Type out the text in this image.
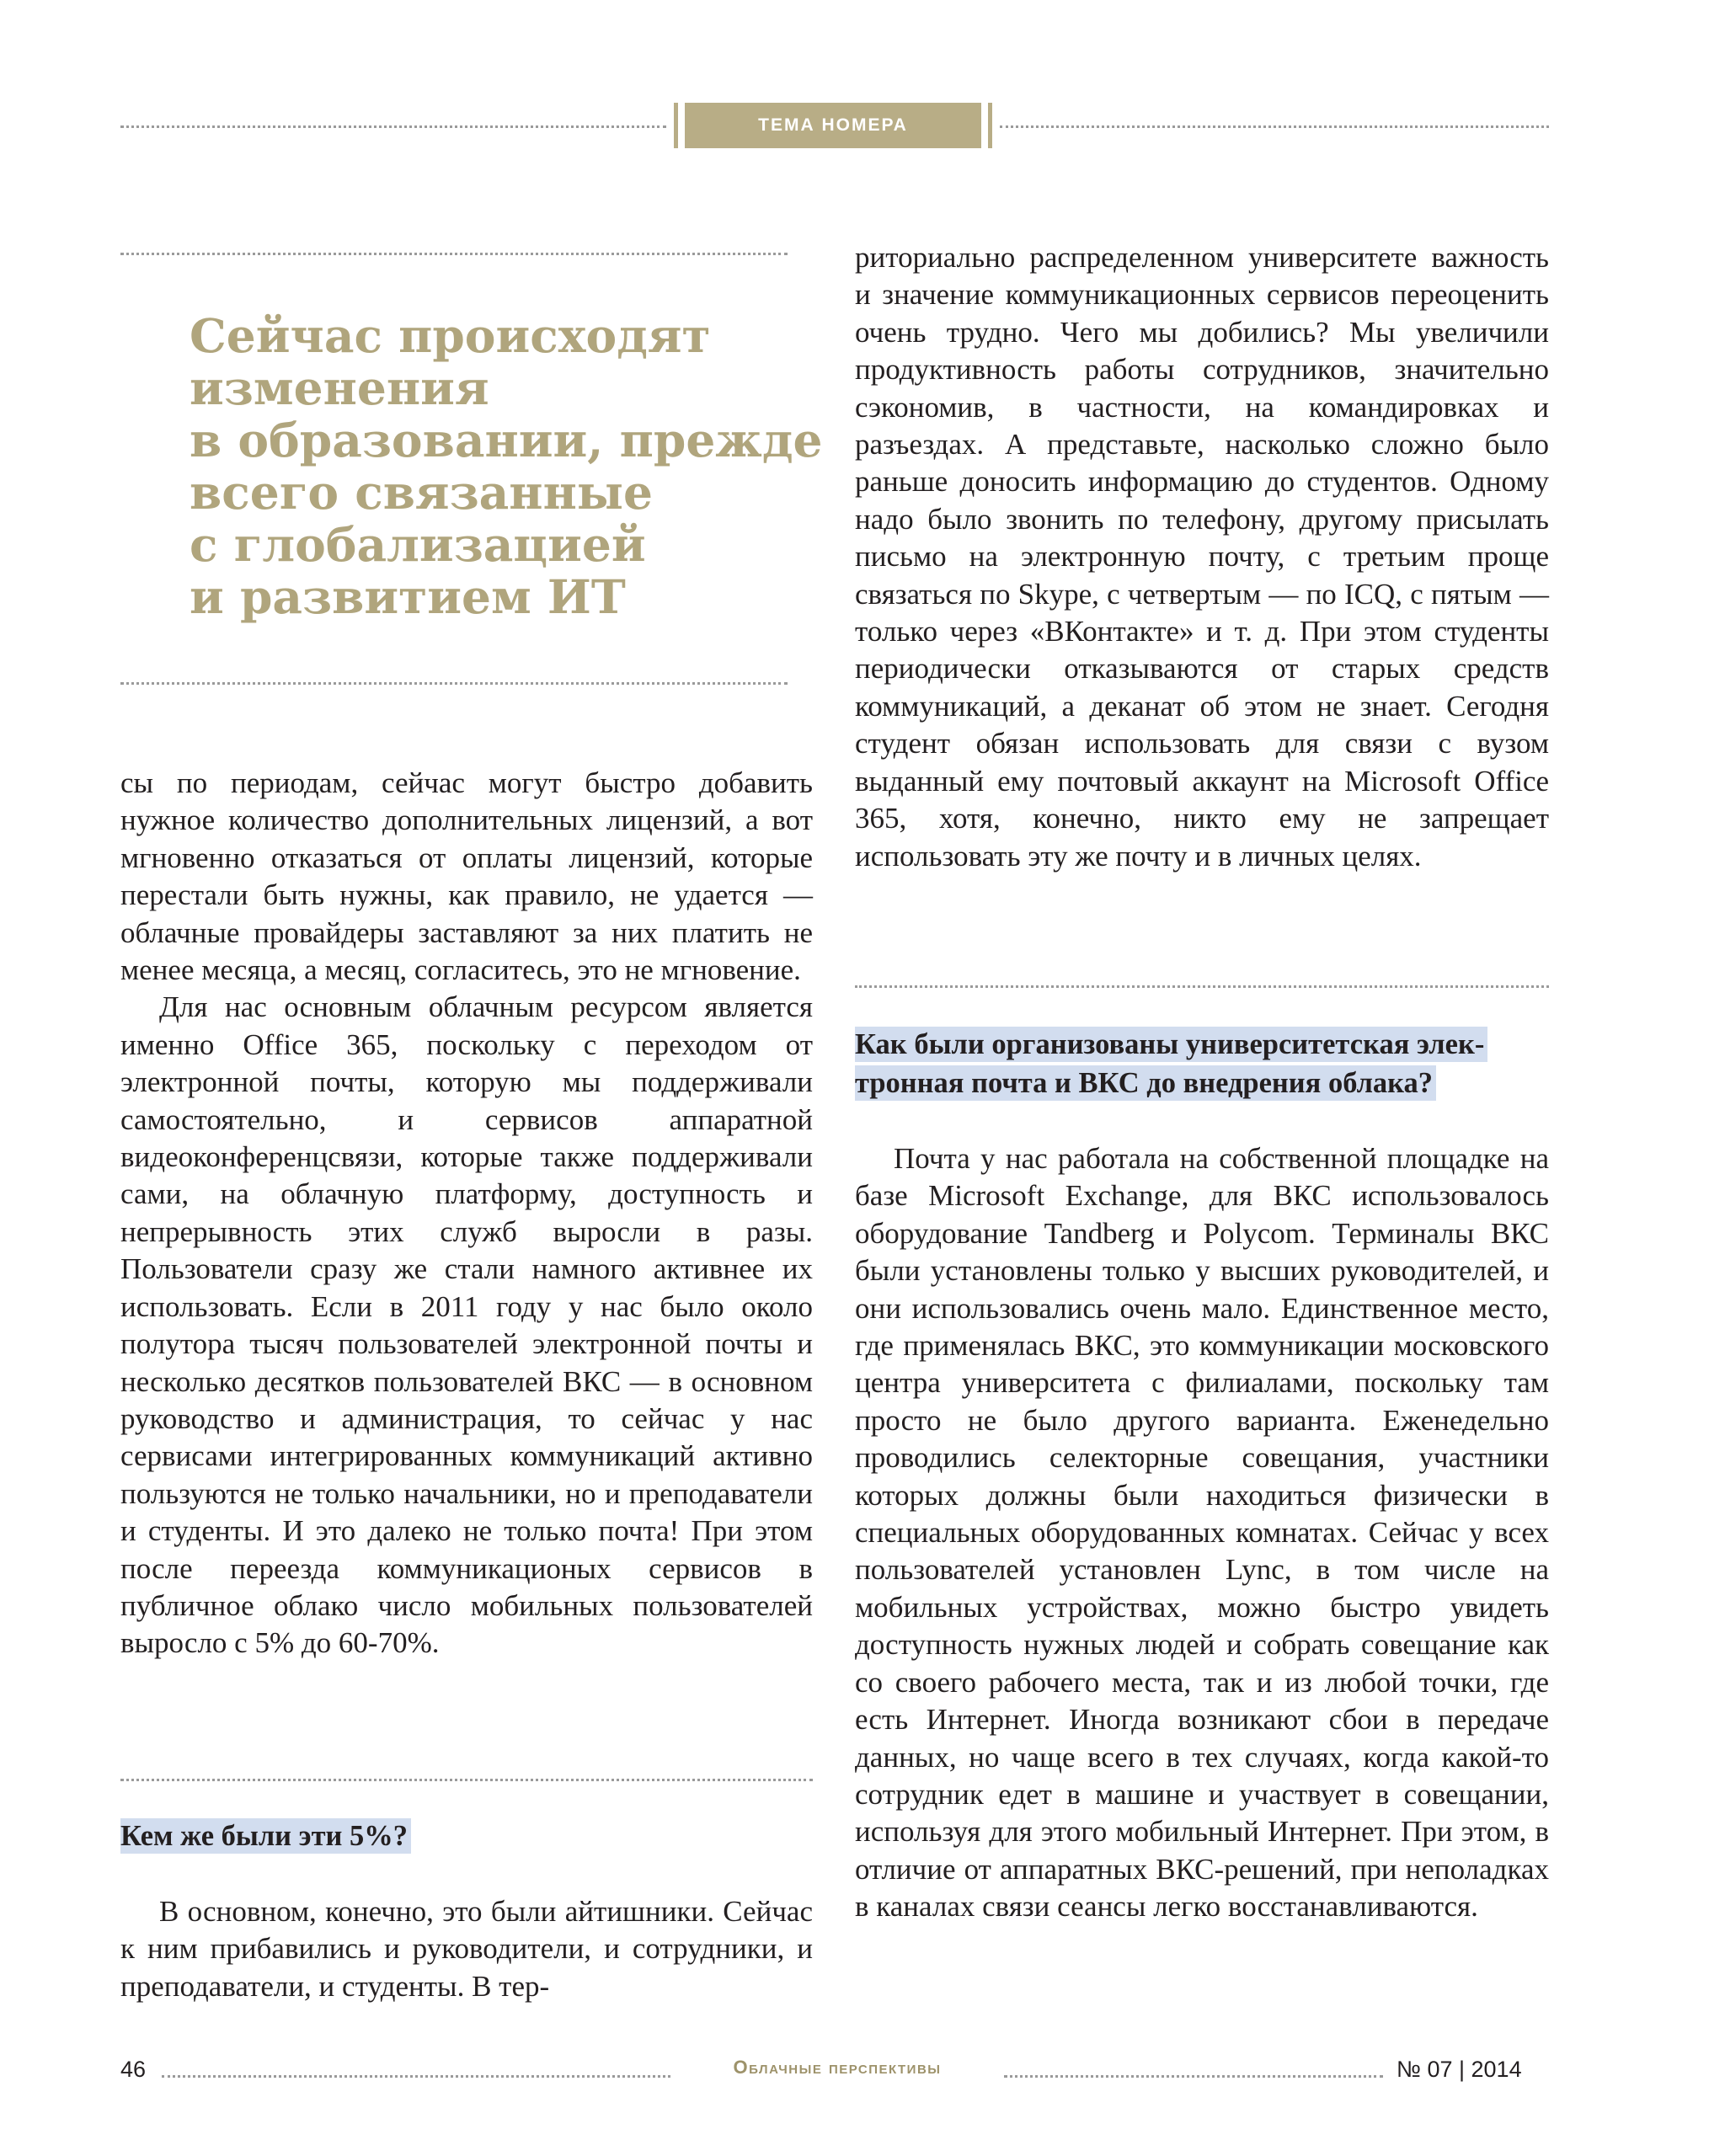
ТЕМА НОМЕРА
Сейчас происходят
изменения
в образовании, прежде
всего связанные
с глобализацией
и развитием ИТ

сы по периодам, сейчас могут быстро добавить нужное количество дополнительных лицензий, а вот мгновенно отказаться от оплаты лицензий, которые перестали быть нужны, как правило, не удается — облачные провайдеры заставляют за них платить не менее месяца, а месяц, согласитесь, это не мгновение.

Для нас основным облачным ресурсом является именно Office 365, поскольку с переходом от электронной почты, которую мы поддерживали самостоятельно, и сервисов аппаратной видеоконференцсвязи, которые также поддерживали сами, на облачную платформу, доступность и непрерывность этих служб выросли в разы. Пользователи сразу же стали намного активнее их использовать. Если в 2011 году у нас было около полутора тысяч пользователей электронной почты и несколько десятков пользователей ВКС — в основном руководство и администрация, то сейчас у нас сервисами интегрированных коммуникаций активно пользуются не только начальники, но и преподаватели и студенты. И это далеко не только почта! При этом после переезда коммуникационых сервисов в публичное облако число мобильных пользователей выросло с 5% до 60-70%.

Кем же были эти 5%?

В основном, конечно, это были айтишники. Сейчас к ним прибавились и руководители, и сотрудники, и преподаватели, и студенты. В тер-

риториально распределенном университете важность и значение коммуникационных сервисов переоценить очень трудно. Чего мы добились? Мы увеличили продуктивность работы сотрудников, значительно сэкономив, в частности, на командировках и разъездах. А представьте, насколько сложно было раньше доносить информацию до студентов. Одному надо было звонить по телефону, другому присылать письмо на электронную почту, с третьим проще связаться по Skype, с четвертым — по ICQ, с пятым — только через «ВКонтакте» и т. д. При этом студенты периодически отказываются от старых средств коммуникаций, а деканат об этом не знает. Сегодня студент обязан использовать для связи с вузом выданный ему почтовый аккаунт на Microsoft Office 365, хотя, конечно, никто ему не запрещает использовать эту же почту и в личных целях.

Как были организованы университетская элек-
тронная почта и ВКС до внедрения облака?

Почта у нас работала на собственной площадке на базе Microsoft Exchange, для ВКС использовалось оборудование Tandberg и Polycom. Терминалы ВКС были установлены только у высших руководителей, и они использовались очень мало. Единственное место, где применялась ВКС, это коммуникации московского центра университета с филиалами, поскольку там просто не было другого варианта. Еженедельно проводились селекторные совещания, участники которых должны были находиться физически в специальных оборудованных комнатах. Сейчас у всех пользователей установлен Lync, в том числе на мобильных устройствах, можно быстро увидеть доступность нужных людей и собрать совещание как со своего рабочего места, так и из любой точки, где есть Интернет. Иногда возникают сбои в передаче данных, но чаще всего в тех случаях, когда какой-то сотрудник едет в машине и участвует в совещании, используя для этого мобильный Интернет. При этом, в отличие от аппаратных ВКС-решений, при неполадках в каналах связи сеансы легко восстанавливаются.

46	Облачные перспективы	№ 07 | 2014
